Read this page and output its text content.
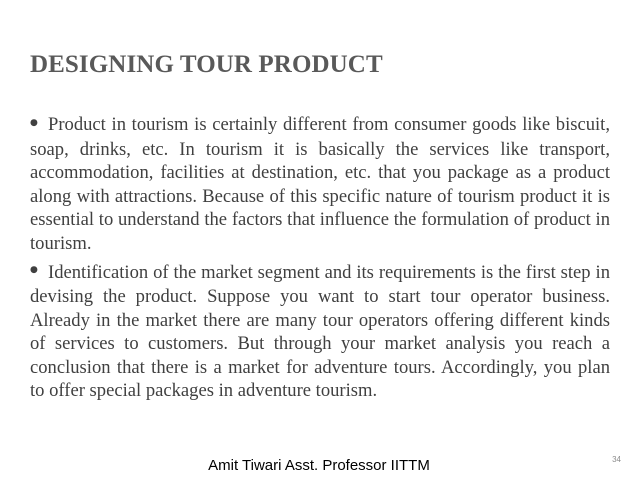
DESIGNING TOUR PRODUCT

● Product in tourism is certainly different from consumer goods like biscuit, soap, drinks, etc. In tourism it is basically the services like transport, accommodation, facilities at destination, etc. that you package as a product along with attractions. Because of this specific nature of tourism product it is essential to understand the factors that influence the formulation of product in tourism.

● Identification of the market segment and its requirements is the first step in devising the product. Suppose you want to start tour operator business. Already in the market there are many tour operators offering different kinds of services to customers. But through your market analysis you reach a conclusion that there is a market for adventure tours. Accordingly, you plan to offer special packages in adventure tourism.

34
Amit Tiwari Asst. Professor IITTM
